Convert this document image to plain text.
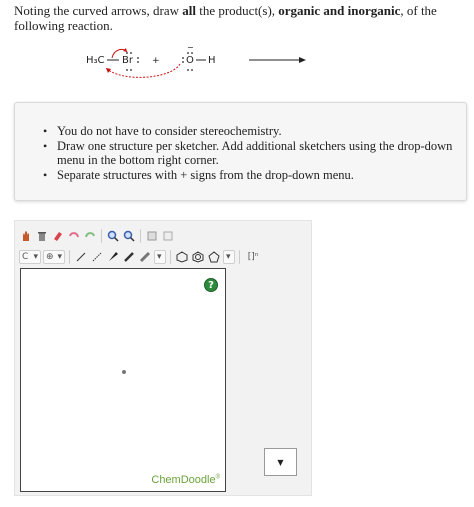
Noting the curved arrows, draw all the product(s), organic and inorganic, of the following reaction.
H₃C Br +	O
−
H
• You do not have to consider stereochemistry.
• Draw one structure per sketcher. Add additional sketchers using the drop-down menu in the bottom right corner.
• Separate structures with + signs from the drop-down menu.
C ▾ ⊕ ▾	▾	▾	[]ⁿ
?
ChemDoodle®
▼
